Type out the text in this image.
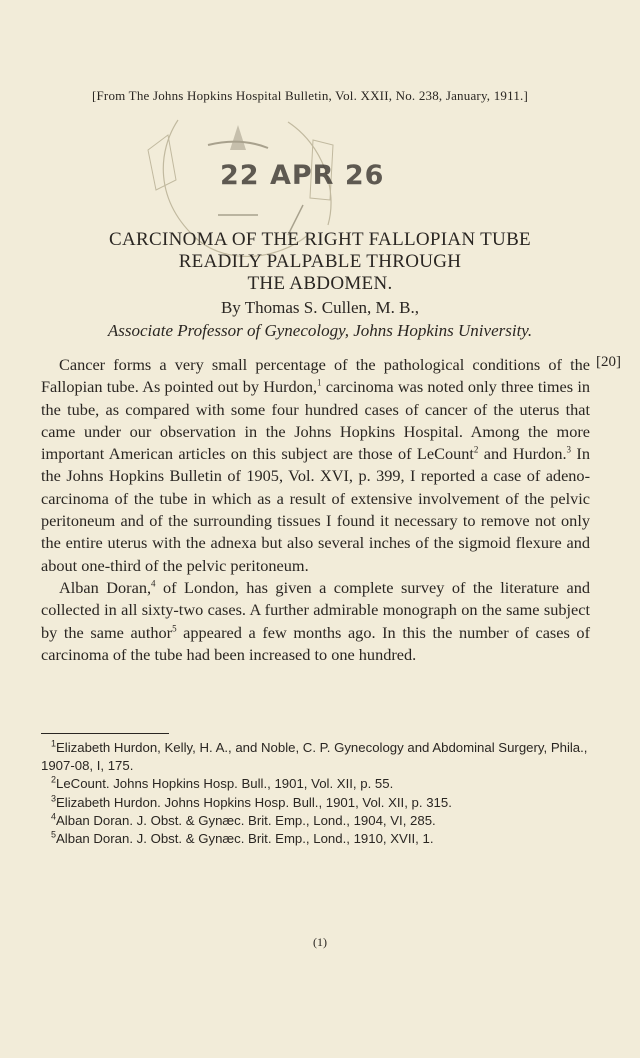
[From The Johns Hopkins Hospital Bulletin, Vol. XXII, No. 238, January, 1911.]
22 APR 26
CARCINOMA OF THE RIGHT FALLOPIAN TUBE
READILY PALPABLE THROUGH
THE ABDOMEN.
By Thomas S. Cullen, M. B.,
Associate Professor of Gynecology, Johns Hopkins University.
[20]

Cancer forms a very small percentage of the pathological conditions of the Fallopian tube. As pointed out by Hurdon,$^1$ carcinoma was noted only three times in the tube, as compared with some four hundred cases of cancer of the uterus that came under our observation in the Johns Hopkins Hospital. Among the more important American articles on this subject are those of LeCount$^2$ and Hurdon.$^3$ In the Johns Hopkins Bulletin of 1905, Vol. XVI, p. 399, I reported a case of adeno-carcinoma of the tube in which as a result of extensive involvement of the pelvic peritoneum and of the surrounding tissues I found it necessary to remove not only the entire uterus with the adnexa but also several inches of the sigmoid flexure and about one-third of the pelvic peritoneum.

Alban Doran,$^4$ of London, has given a complete survey of the literature and collected in all sixty-two cases. A further admirable monograph on the same subject by the same author$^5$ appeared a few months ago. In this the number of cases of carcinoma of the tube had been increased to one hundred.

$^1$Elizabeth Hurdon, Kelly, H. A., and Noble, C. P. Gynecology and Abdominal Surgery, Phila., 1907-08, I, 175.

$^2$LeCount. Johns Hopkins Hosp. Bull., 1901, Vol. XII, p. 55.

$^3$Elizabeth Hurdon. Johns Hopkins Hosp. Bull., 1901, Vol. XII, p. 315.

$^4$Alban Doran. J. Obst. & Gynæc. Brit. Emp., Lond., 1904, VI, 285.

$^5$Alban Doran. J. Obst. & Gynæc. Brit. Emp., Lond., 1910, XVII, 1.

(1)
